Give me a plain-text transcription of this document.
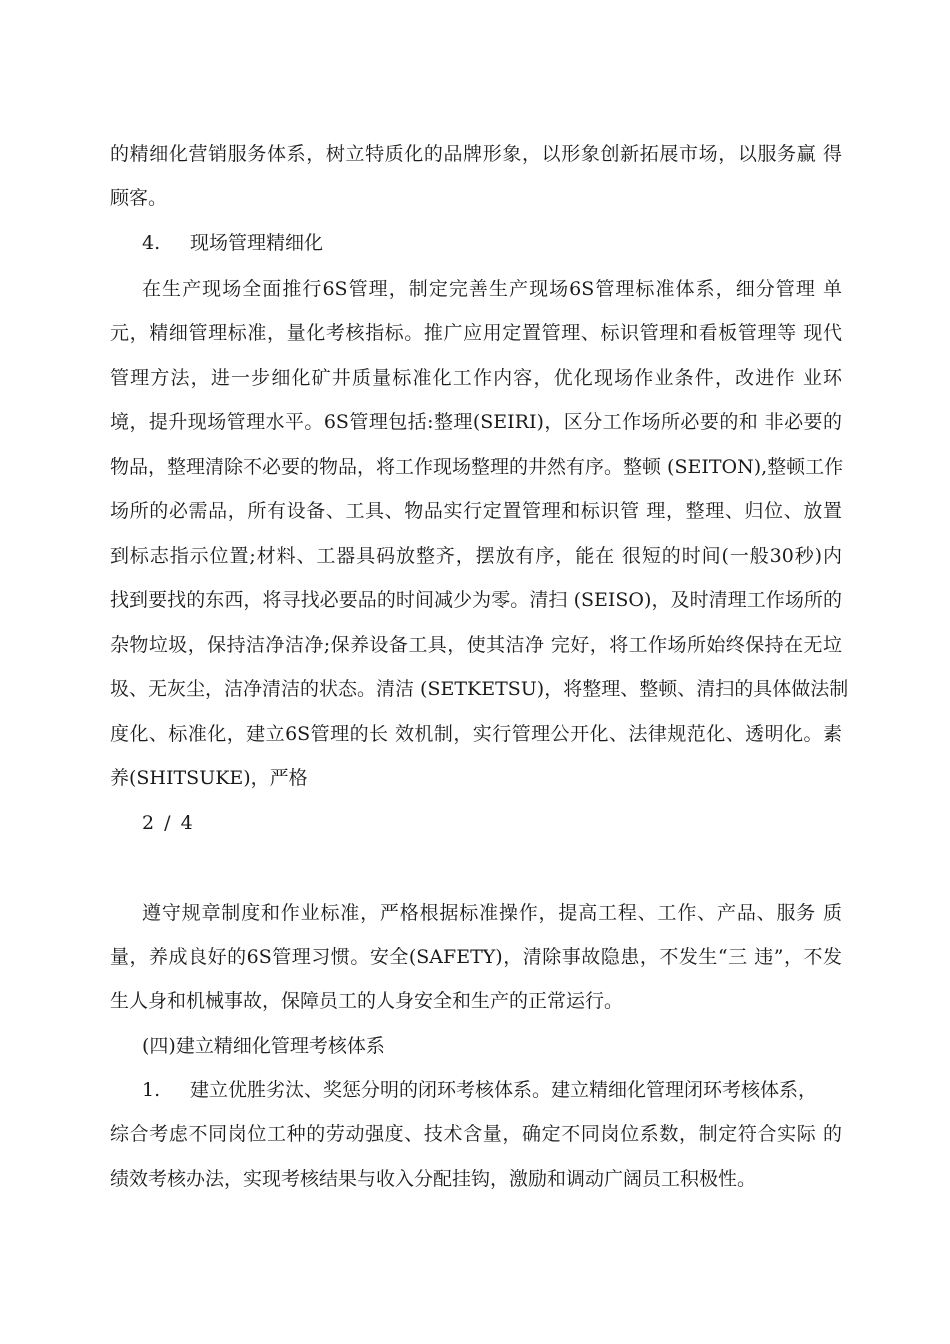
的精细化营销服务体系，树立特质化的品牌形象，以形象创新拓展市场，以服务赢 得
顾客。
4. 现场管理精细化
在生产现场全面推行6S管理，制定完善生产现场6S管理标准体系，细分管理 单
元，精细管理标准，量化考核指标。推广应用定置管理、标识管理和看板管理等 现代
管理方法，进一步细化矿井质量标准化工作内容，优化现场作业条件，改进作 业环
境，提升现场管理水平。6S管理包括:整理(SEIRI)，区分工作场所必要的和 非必要的
物品，整理清除不必要的物品，将工作现场整理的井然有序。整顿 (SEITON),整顿工作
场所的必需品，所有设备、工具、物品实行定置管理和标识管 理，整理、归位、放置
到标志指示位置;材料、工器具码放整齐，摆放有序，能在 很短的时间(一般30秒)内
找到要找的东西，将寻找必要品的时间减少为零。清扫 (SEISO)，及时清理工作场所的
杂物垃圾，保持洁净洁净;保养设备工具，使其洁净 完好，将工作场所始终保持在无垃
圾、无灰尘，洁净清洁的状态。清洁 (SETKETSU)，将整理、整顿、清扫的具体做法制
度化、标准化，建立6S管理的长 效机制，实行管理公开化、法律规范化、透明化。素
养(SHITSUKE)，严格
2 / 4
遵守规章制度和作业标准，严格根据标准操作，提高工程、工作、产品、服务 质
量，养成良好的6S管理习惯。安全(SAFETY)，清除事故隐患，不发生“三 违”，不发
生人身和机械事故，保障员工的人身安全和生产的正常运行。
(四)建立精细化管理考核体系
1. 建立优胜劣汰、奖惩分明的闭环考核体系。建立精细化管理闭环考核体系，
综合考虑不同岗位工种的劳动强度、技术含量，确定不同岗位系数，制定符合实际 的
绩效考核办法，实现考核结果与收入分配挂钩，激励和调动广阔员工积极性。
